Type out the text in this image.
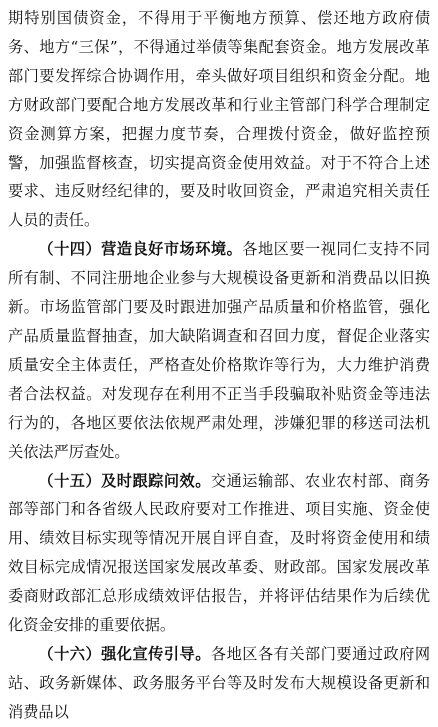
期特别国债资金，不得用于平衡地方预算、偿还地方政府债务、地方“三保”，不得通过举债等集配套资金。地方发展改革部门要发挥综合协调作用，牵头做好项目组织和资金分配。地方财政部门要配合地方发展改革和行业主管部门科学合理制定资金测算方案，把握力度节奏，合理拨付资金，做好监控预警，加强监督核查，切实提高资金使用效益。对于不符合上述要求、违反财经纪律的，要及时收回资金，严肃追究相关责任人员的责任。

（十四）营造良好市场环境。各地区要一视同仁支持不同所有制、不同注册地企业参与大规模设备更新和消费品以旧换新。市场监管部门要及时跟进加强产品质量和价格监管，强化产品质量监督抽查，加大缺陷调查和召回力度，督促企业落实质量安全主体责任，严格查处价格欺诈等行为，大力维护消费者合法权益。对发现存在利用不正当手段骗取补贴资金等违法行为的，各地区要依法依规严肃处理，涉嫌犯罪的移送司法机关依法严厉查处。

（十五）及时跟踪问效。交通运输部、农业农村部、商务部等部门和各省级人民政府要对工作推进、项目实施、资金使用、绩效目标实现等情况开展自评自查，及时将资金使用和绩效目标完成情况报送国家发展改革委、财政部。国家发展改革委商财政部汇总形成绩效评估报告，并将评估结果作为后续优化资金安排的重要依据。

（十六）强化宣传引导。各地区各有关部门要通过政府网站、政务新媒体、政务服务平台等及时发布大规模设备更新和消费品以
